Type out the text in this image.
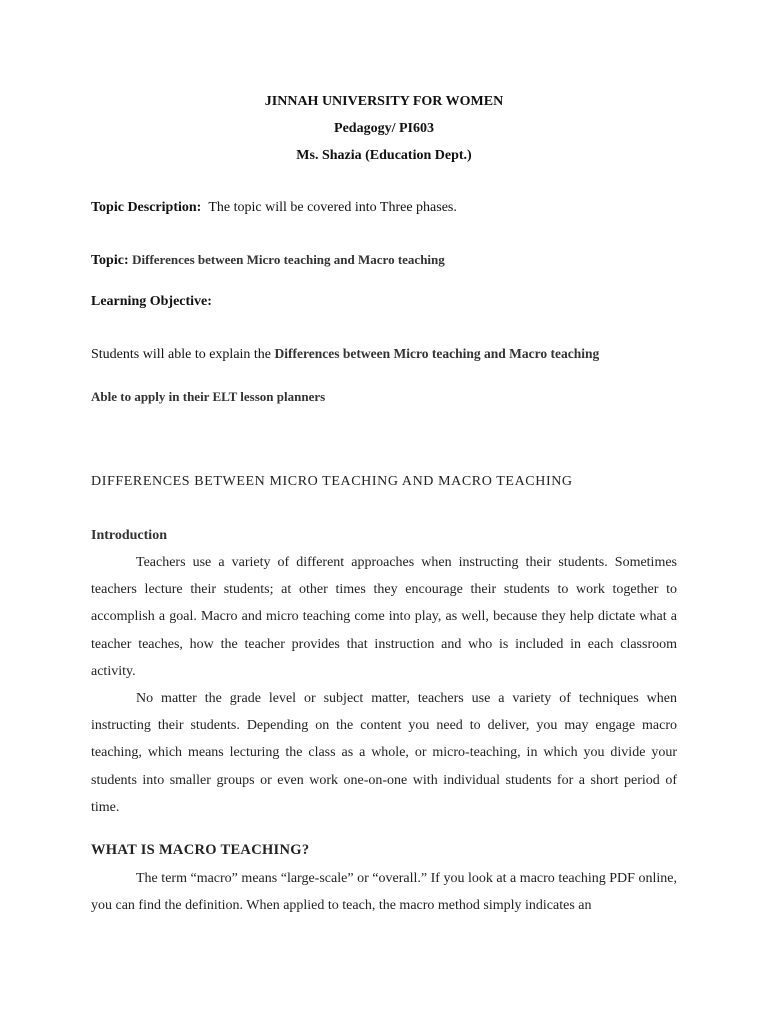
JINNAH UNIVERSITY FOR WOMEN
Pedagogy/ PI603
Ms. Shazia (Education Dept.)
Topic Description: The topic will be covered into Three phases.
Topic: Differences between Micro teaching and Macro teaching
Learning Objective:
Students will able to explain the Differences between Micro teaching and Macro teaching
Able to apply in their ELT lesson planners
DIFFERENCES BETWEEN MICRO TEACHING AND MACRO TEACHING
Introduction

Teachers use a variety of different approaches when instructing their students. Sometimes teachers lecture their students; at other times they encourage their students to work together to accomplish a goal. Macro and micro teaching come into play, as well, because they help dictate what a teacher teaches, how the teacher provides that instruction and who is included in each classroom activity.

No matter the grade level or subject matter, teachers use a variety of techniques when instructing their students. Depending on the content you need to deliver, you may engage macro teaching, which means lecturing the class as a whole, or micro-teaching, in which you divide your students into smaller groups or even work one-on-one with individual students for a short period of time.

WHAT IS MACRO TEACHING?

The term “macro” means “large-scale” or “overall.” If you look at a macro teaching PDF online, you can find the definition. When applied to teach, the macro method simply indicates an
